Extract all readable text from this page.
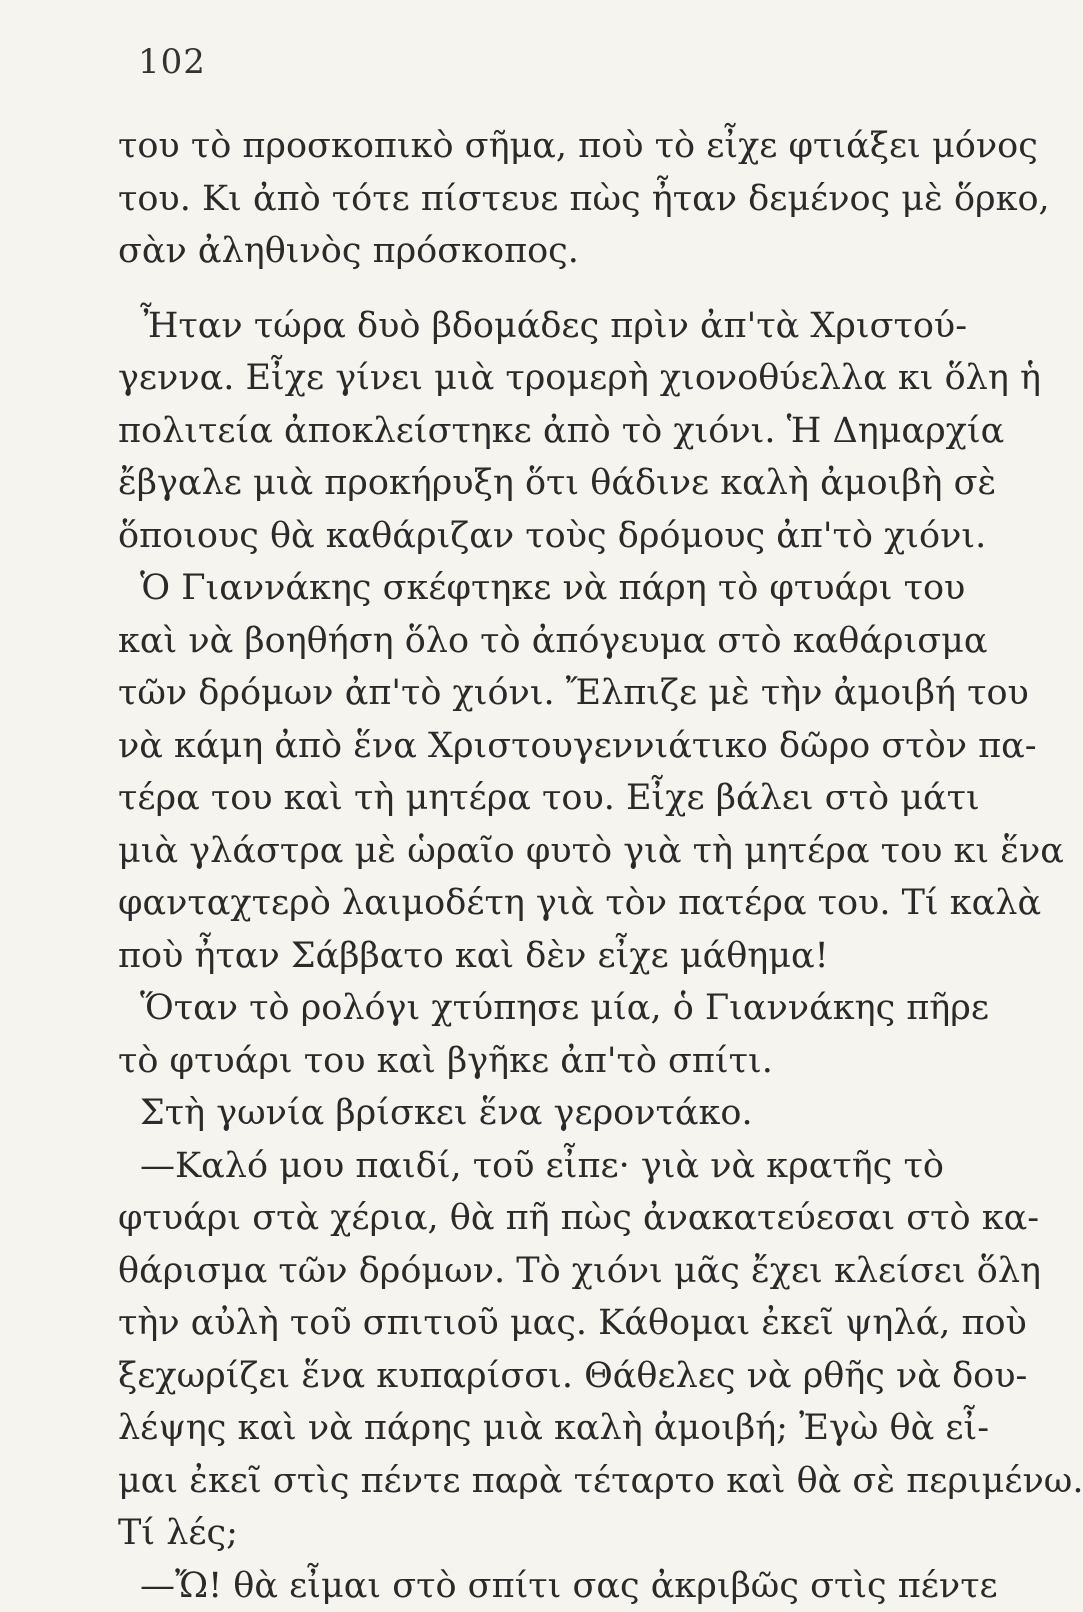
102
του τὸ προσκοπικὸ σῆμα, ποὺ τὸ εἶχε φτιάξει μόνος
του. Κι ἀπὸ τότε πίστευε πὼς ἦταν δεμένος μὲ ὅρκο,
σὰν ἀληθινὸς πρόσκοπος.
Ἦταν τώρα δυὸ βδομάδες πρὶν ἀπ'τὰ Χριστού-
γεννα. Εἶχε γίνει μιὰ τρομερὴ χιονοθύελλα κι ὅλη ἡ
πολιτεία ἀποκλείστηκε ἀπὸ τὸ χιόνι. Ἡ Δημαρχία
ἔβγαλε μιὰ προκήρυξη ὅτι θάδινε καλὴ ἀμοιβὴ σὲ
ὅποιους θὰ καθάριζαν τοὺς δρόμους ἀπ'τὸ χιόνι.
Ὁ Γιαννάκης σκέφτηκε νὰ πάρη τὸ φτυάρι του
καὶ νὰ βοηθήση ὅλο τὸ ἀπόγευμα στὸ καθάρισμα
τῶν δρόμων ἀπ'τὸ χιόνι. Ἔλπιζε μὲ τὴν ἀμοιβή του
νὰ κάμη ἀπὸ ἕνα Χριστουγεννιάτικο δῶρο στὸν πα-
τέρα του καὶ τὴ μητέρα του. Εἶχε βάλει στὸ μάτι
μιὰ γλάστρα μὲ ὡραῖο φυτὸ γιὰ τὴ μητέρα του κι ἕνα
φανταχτερὸ λαιμοδέτη γιὰ τὸν πατέρα του. Τί καλὰ
ποὺ ἦταν Σάββατο καὶ δὲν εἶχε μάθημα!
Ὅταν τὸ ρολόγι χτύπησε μία, ὁ Γιαννάκης πῆρε
τὸ φτυάρι του καὶ βγῆκε ἀπ'τὸ σπίτι.
Στὴ γωνία βρίσκει ἕνα γεροντάκο.
—Καλό μου παιδί, τοῦ εἶπε· γιὰ νὰ κρατῆς τὸ
φτυάρι στὰ χέρια, θὰ πῆ πὼς ἀνακατεύεσαι στὸ κα-
θάρισμα τῶν δρόμων. Τὸ χιόνι μᾶς ἔχει κλείσει ὅλη
τὴν αὐλὴ τοῦ σπιτιοῦ μας. Κάθομαι ἐκεῖ ψηλά, ποὺ
ξεχωρίζει ἕνα κυπαρίσσι. Θάθελες νὰ ρθῆς νὰ δου-
λέψης καὶ νὰ πάρης μιὰ καλὴ ἀμοιβή; Ἐγὼ θὰ εἶ-
μαι ἐκεῖ στὶς πέντε παρὰ τέταρτο καὶ θὰ σὲ περιμένω.
Τί λές;
—Ὤ! θὰ εἶμαι στὸ σπίτι σας ἀκριβῶς στὶς πέντε
